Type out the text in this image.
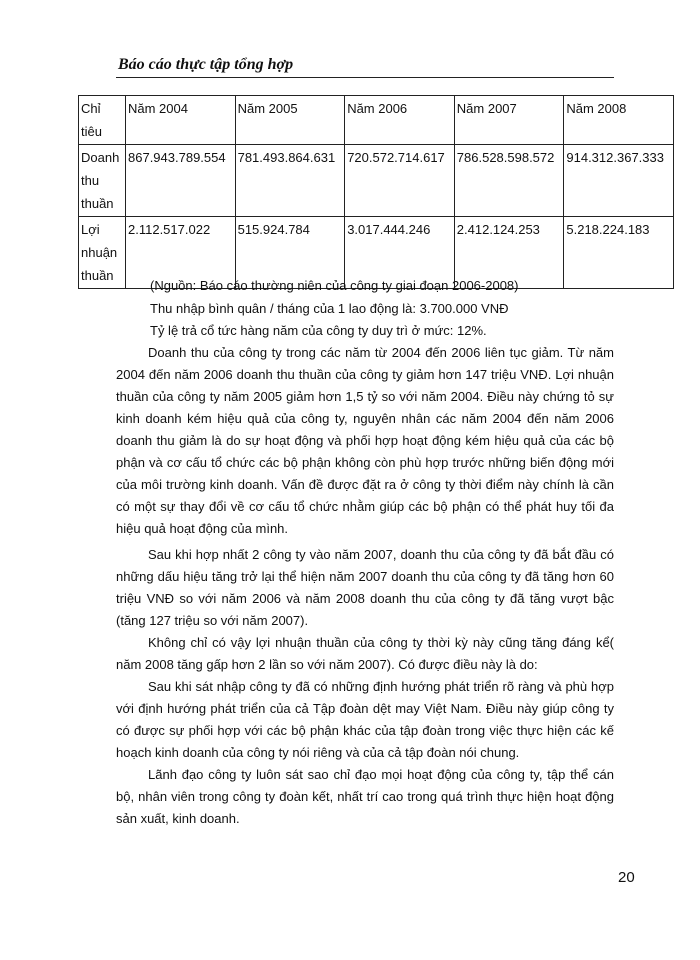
Báo cáo thực tập tổng hợp
Chỉ tiêu	Năm 2004	Năm 2005	Năm 2006	Năm 2007	Năm 2008
Doanh thu thuần	867.943.789.554	781.493.864.631	720.572.714.617	786.528.598.572	914.312.367.333
Lợi nhuận thuần	2.112.517.022	515.924.784	3.017.444.246	2.412.124.253	5.218.224.183
(Nguồn: Báo cáo thường niên của công ty giai đoạn 2006-2008)
Thu nhập bình quân / tháng của 1 lao động là: 3.700.000 VNĐ
Tỷ lệ trả cổ tức hàng năm của công ty duy trì ở mức: 12%.
Doanh thu của công ty trong các năm từ 2004 đến 2006 liên tục giảm. Từ năm 2004 đến năm 2006 doanh thu thuần của công ty giảm hơn 147 triệu VNĐ. Lợi nhuận thuần của công ty năm 2005 giảm hơn 1,5 tỷ so với năm 2004. Điều này chứng tỏ sự kinh doanh kém hiệu quả của công ty, nguyên nhân các năm 2004 đến năm 2006 doanh thu giảm là do sự hoạt động và phối hợp hoạt động kém hiệu quả của các bộ phận và cơ cấu tổ chức các bộ phận không còn phù hợp trước những biến động mới của môi trường kinh doanh. Vấn đề được đặt ra ở công ty thời điểm này chính là cần có một sự thay đổi về cơ cấu tổ chức nhằm giúp các bộ phận có thể phát huy tối đa hiệu quả hoạt động của mình.
Sau khi hợp nhất 2 công ty vào năm 2007, doanh thu của công ty đã bắt đầu có những dấu hiệu tăng trở lại thể hiện năm 2007 doanh thu của công ty đã tăng hơn 60 triệu VNĐ so với năm 2006 và năm 2008 doanh thu của công ty đã tăng vượt bậc (tăng 127 triệu so với năm 2007).
Không chỉ có vậy lợi nhuận thuần của công ty thời kỳ này cũng tăng đáng kể( năm 2008 tăng gấp hơn 2 lần so với năm 2007). Có được điều này là do:
Sau khi sát nhập công ty đã có những định hướng phát triển rõ ràng và phù hợp với định hướng phát triển của cả Tập đoàn dệt may Việt Nam. Điều này giúp công ty có được sự phối hợp với các bộ phận khác của tập đoàn trong việc thực hiện các kế hoạch kinh doanh của công ty nói riêng và của cả tập đoàn nói chung.
Lãnh đạo công ty luôn sát sao chỉ đạo mọi hoạt động của công ty, tập thể cán bộ, nhân viên trong công ty đoàn kết, nhất trí cao trong quá trình thực hiện hoạt động sản xuất, kinh doanh.
20
